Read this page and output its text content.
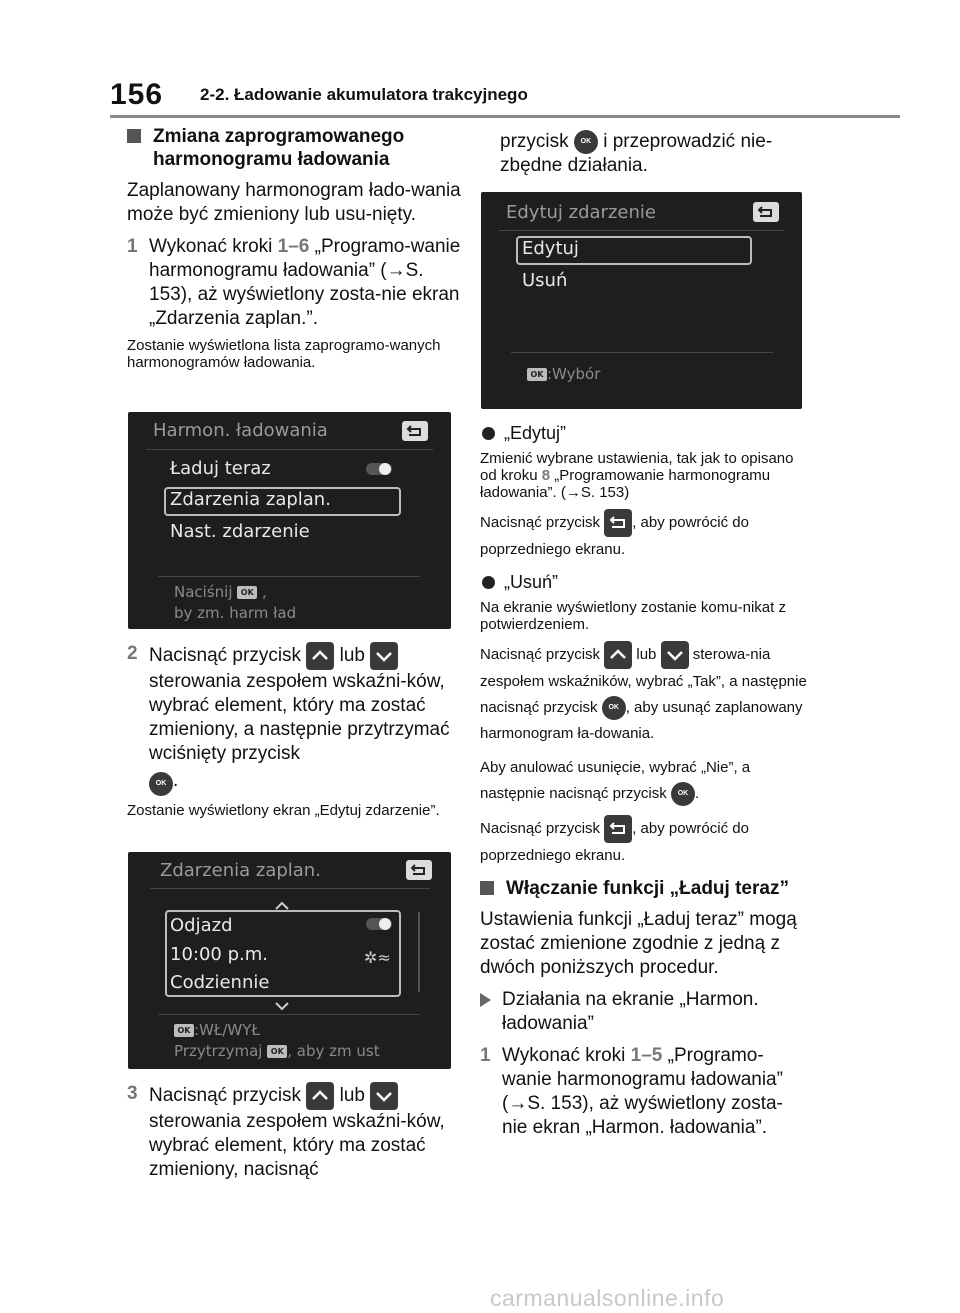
156 2-2. Ładowanie akumulatora trakcyjnego
Zmiana zaprogramowanego harmonogramu ładowania
Zaplanowany harmonogram łado-wania może być zmieniony lub usu-nięty.
1 Wykonać kroki 1–6 „Programo-wanie harmonogramu ładowania” (→S. 153), aż wyświetlony zosta-nie ekran „Zdarzenia zaplan.”.
Zostanie wyświetlona lista zaprogramo-wanych harmonogramów ładowania.
Harmon. ładowania
Ładuj teraz
Zdarzenia zaplan.
Nast. zdarzenie
Naciśnij OK ,
by zm. harm ład
2 Nacisnąć przycisk lub
sterowania zespołem wskaźni-ków, wybrać element, który ma zostać zmieniony, a następnie przytrzymać wciśnięty przycisk
OK .
Zostanie wyświetlony ekran „Edytuj zdarzenie”.
Zdarzenia zaplan.
Odjazd
10:00 p.m.	✲≈
Codziennie
OK :WŁ/WYŁ
Przytrzymaj OK , aby zm ust
3 Nacisnąć przycisk lub
sterowania zespołem wskaźni-ków, wybrać element, który ma zostać zmieniony, nacisnąć
przycisk OK i przeprowadzić nie-zbędne działania.
Edytuj zdarzenie
Edytuj
Usuń
OK :Wybór
„Edytuj”
Zmienić wybrane ustawienia, tak jak to opisano od kroku 8 „Programowanie harmonogramu ładowania”. (→S. 153)
Nacisnąć przycisk , aby powrócić do poprzedniego ekranu.
„Usuń”
Na ekranie wyświetlony zostanie komu-nikat z potwierdzeniem.
Nacisnąć przycisk lub sterowa-nia zespołem wskaźników, wybrać „Tak”, a następnie nacisnąć przycisk OK , aby usunąć zaplanowany harmonogram ła-dowania.
Aby anulować usunięcie, wybrać „Nie”, a następnie nacisnąć przycisk OK .
Nacisnąć przycisk , aby powrócić do poprzedniego ekranu.
Włączanie funkcji „Ładuj teraz”
Ustawienia funkcji „Ładuj teraz” mogą zostać zmienione zgodnie z jedną z dwóch poniższych procedur.
Działania na ekranie „Harmon. ładowania”
1 Wykonać kroki 1–5 „Programo-wanie harmonogramu ładowania” (→S. 153), aż wyświetlony zosta-nie ekran „Harmon. ładowania”.
carmanualsonline.info
